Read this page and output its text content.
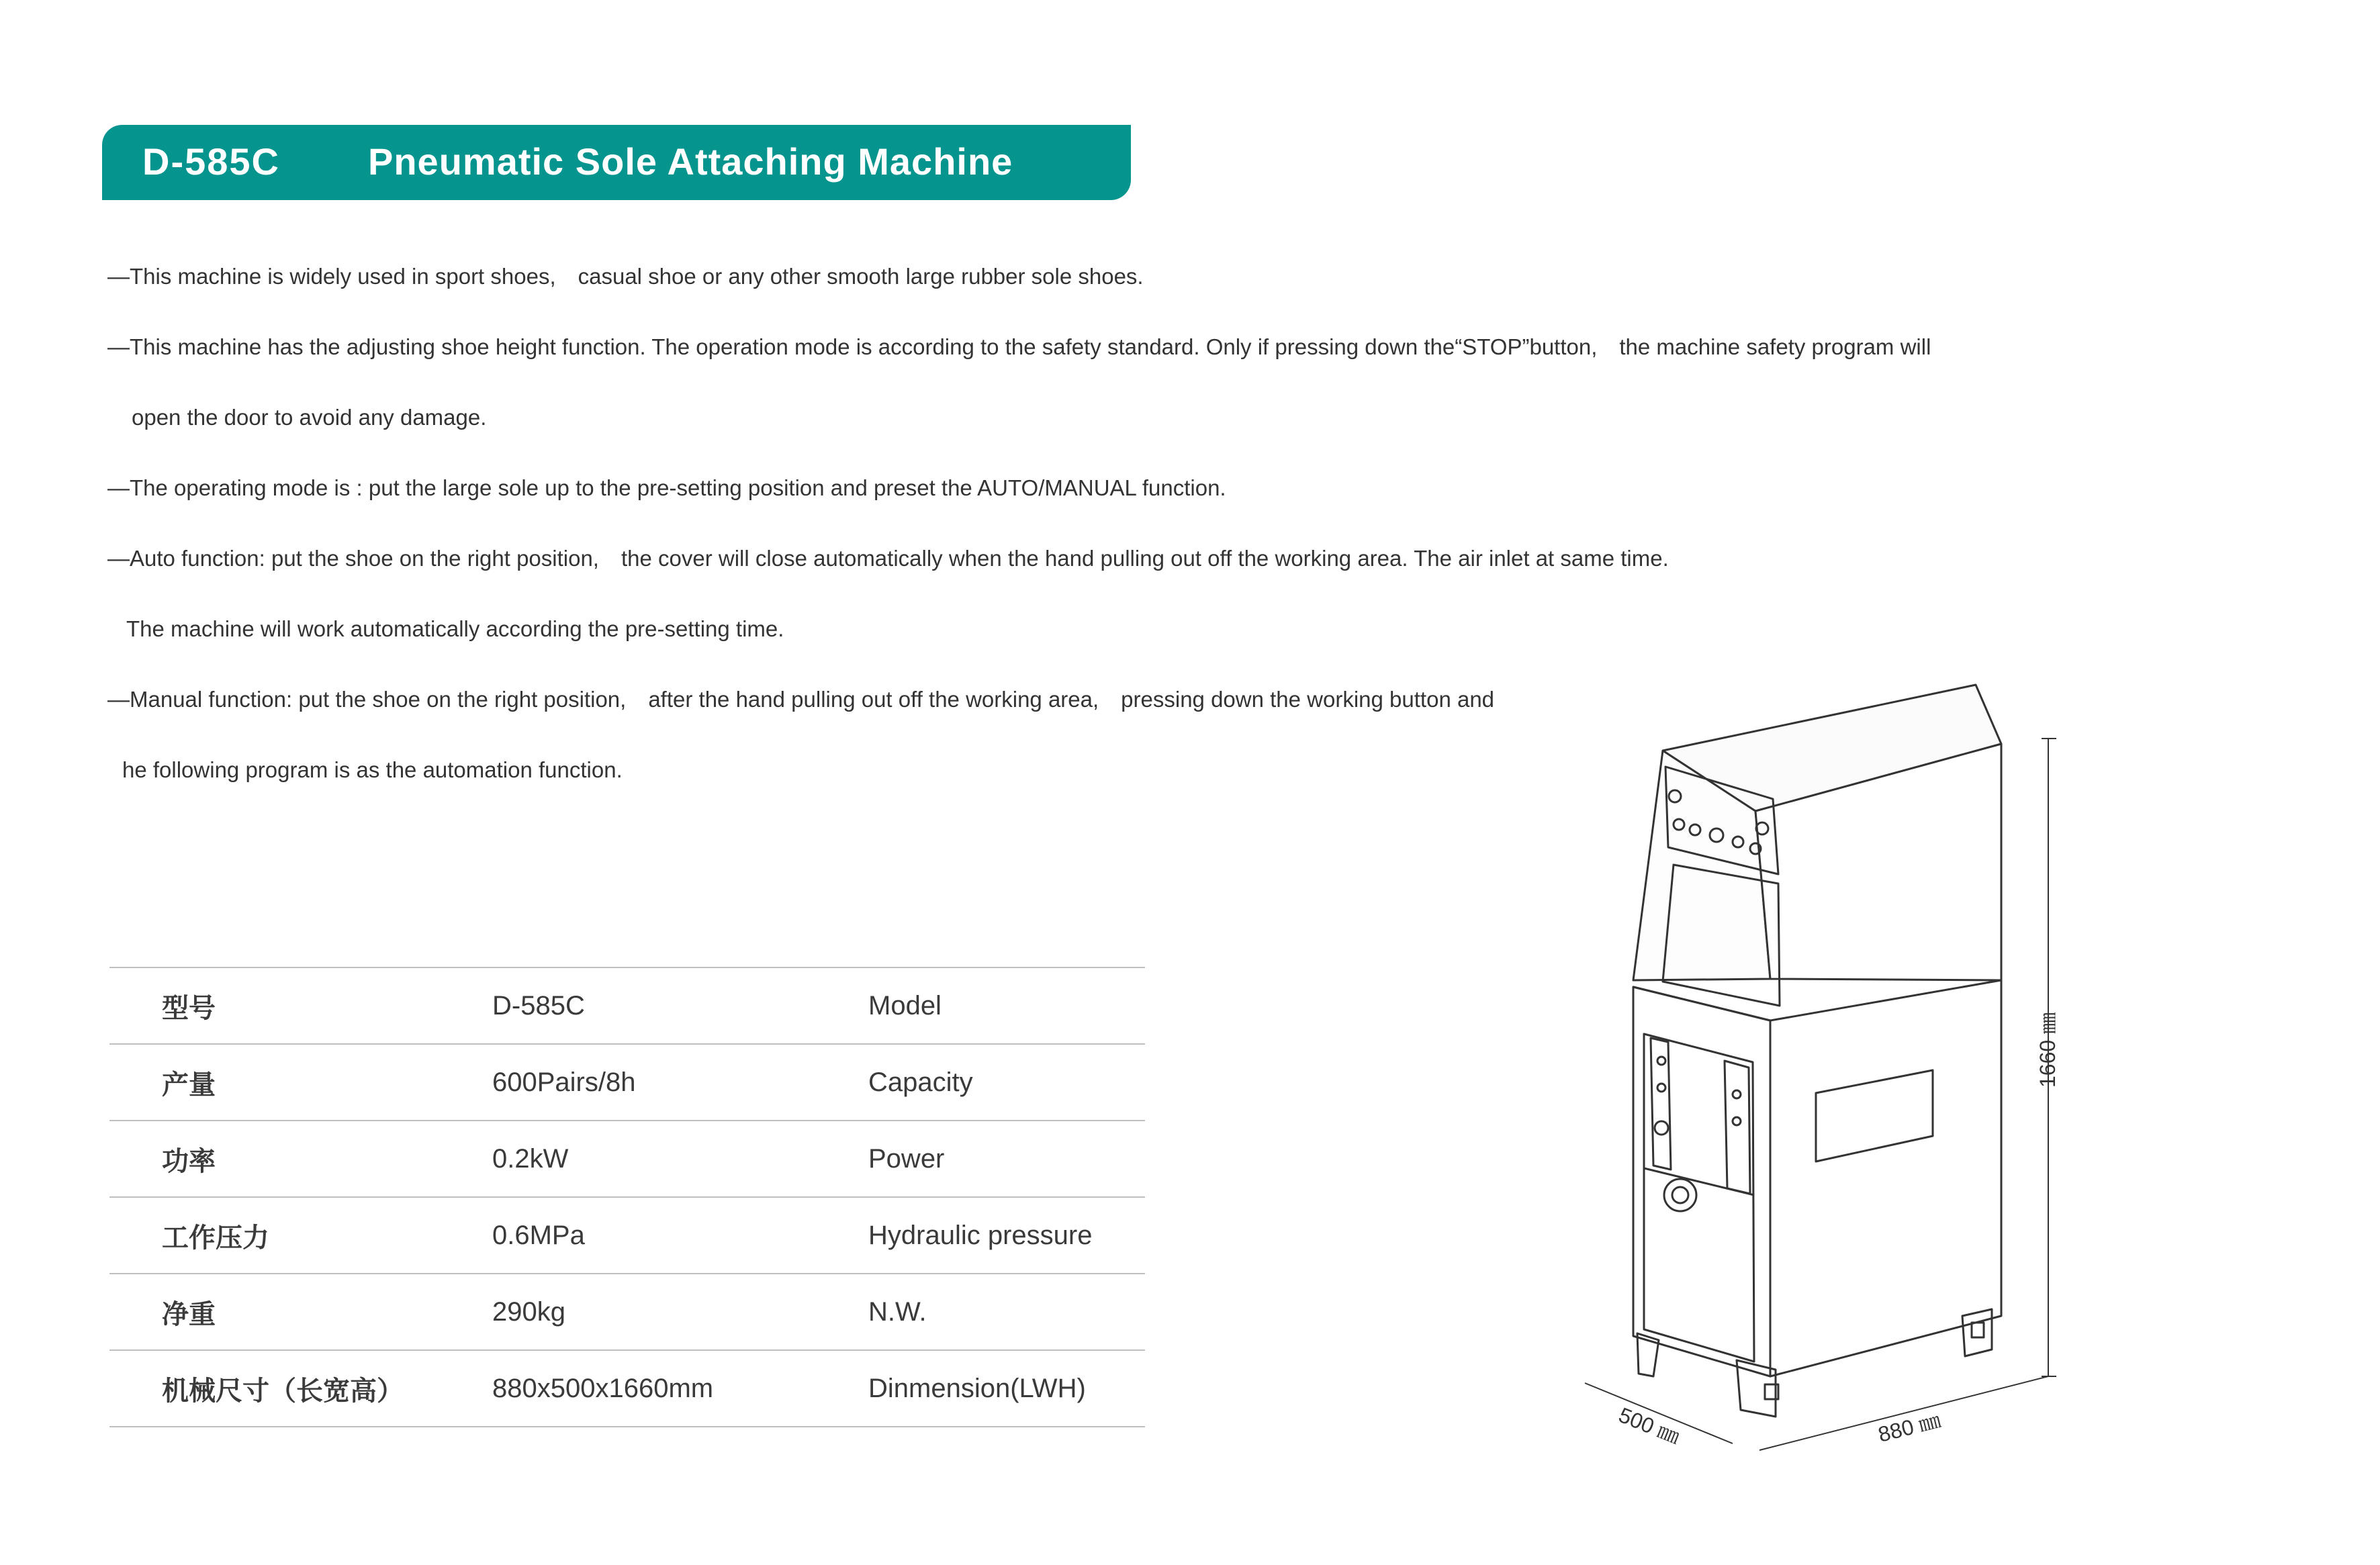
D-585C Pneumatic Sole Attaching Machine
—This machine is widely used in sport shoes,　casual shoe or any other smooth large rubber sole shoes.
—This machine has the adjusting shoe height function. The operation mode is according to the safety standard. Only if pressing down the“STOP”button,　the machine safety program will
open the door to avoid any damage.
—The operating mode is : put the large sole up to the pre-setting position and preset the AUTO/MANUAL function.
—Auto function: put the shoe on the right position,　the cover will close automatically when the hand pulling out off the working area. The air inlet at same time.
The machine will work automatically according the pre-setting time.
—Manual function: put the shoe on the right position,　after the hand pulling out off the working area,　pressing down the working button and
he following program is as the automation function.
型号	D-585C	Model
产量	600Pairs/8h	Capacity
功率	0.2kW	Power
工作压力	0.6MPa	Hydraulic pressure
净重	290kg	N.W.
机械尺寸（长宽高）	880x500x1660mm	Dinmension(LWH)
1660 ㎜
500 ㎜	880 ㎜
